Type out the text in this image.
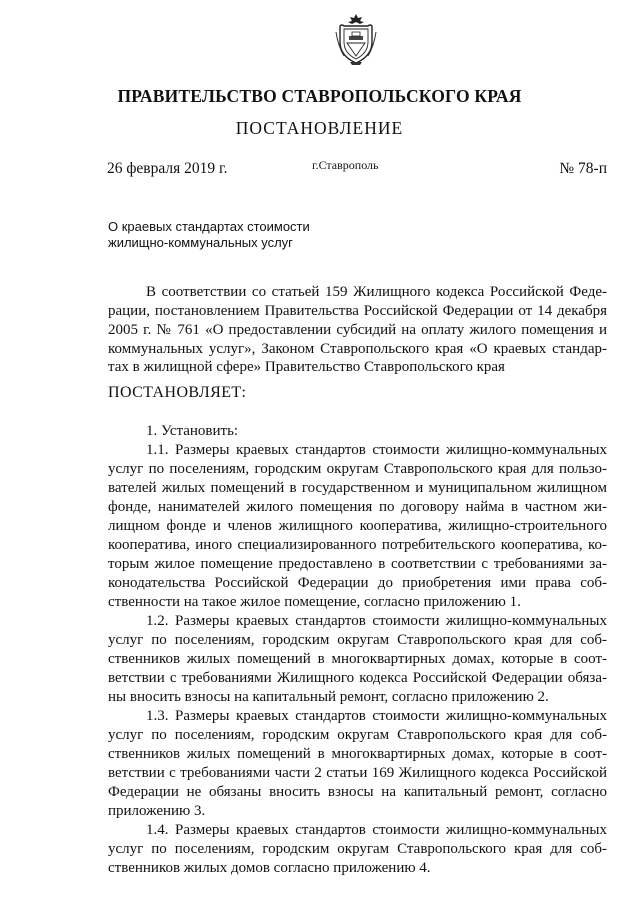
ПРАВИТЕЛЬСТВО СТАВРОПОЛЬСКОГО КРАЯ
ПОСТАНОВЛЕНИЕ
26 февраля 2019 г.	г.Ставрополь	№ 78-п
О краевых стандартах стоимости
жилищно-коммунальных услуг
В соответствии со статьей 159 Жилищного кодекса Российской Феде-
рации, постановлением Правительства Российской Федерации от 14 декабря
2005 г. № 761 «О предоставлении субсидий на оплату жилого помещения и
коммунальных услуг», Законом Ставропольского края «О краевых стандар-
тах в жилищной сфере» Правительство Ставропольского края
ПОСТАНОВЛЯЕТ:
1. Установить:
1.1. Размеры краевых стандартов стоимости жилищно-коммунальных
услуг по поселениям, городским округам Ставропольского края для пользо-
вателей жилых помещений в государственном и муниципальном жилищном
фонде, нанимателей жилого помещения по договору найма в частном жи-
лищном фонде и членов жилищного кооператива, жилищно-строительного
кооператива, иного специализированного потребительского кооператива, ко-
торым жилое помещение предоставлено в соответствии с требованиями за-
конодательства Российской Федерации до приобретения ими права соб-
ственности на такое жилое помещение, согласно приложению 1.
1.2. Размеры краевых стандартов стоимости жилищно-коммунальных
услуг по поселениям, городским округам Ставропольского края для соб-
ственников жилых помещений в многоквартирных домах, которые в соот-
ветствии с требованиями Жилищного кодекса Российской Федерации обяза-
ны вносить взносы на капитальный ремонт, согласно приложению 2.
1.3. Размеры краевых стандартов стоимости жилищно-коммунальных
услуг по поселениям, городским округам Ставропольского края для соб-
ственников жилых помещений в многоквартирных домах, которые в соот-
ветствии с требованиями части 2 статьи 169 Жилищного кодекса Российской
Федерации не обязаны вносить взносы на капитальный ремонт, согласно
приложению 3.
1.4. Размеры краевых стандартов стоимости жилищно-коммунальных
услуг по поселениям, городским округам Ставропольского края для соб-
ственников жилых домов согласно приложению 4.
